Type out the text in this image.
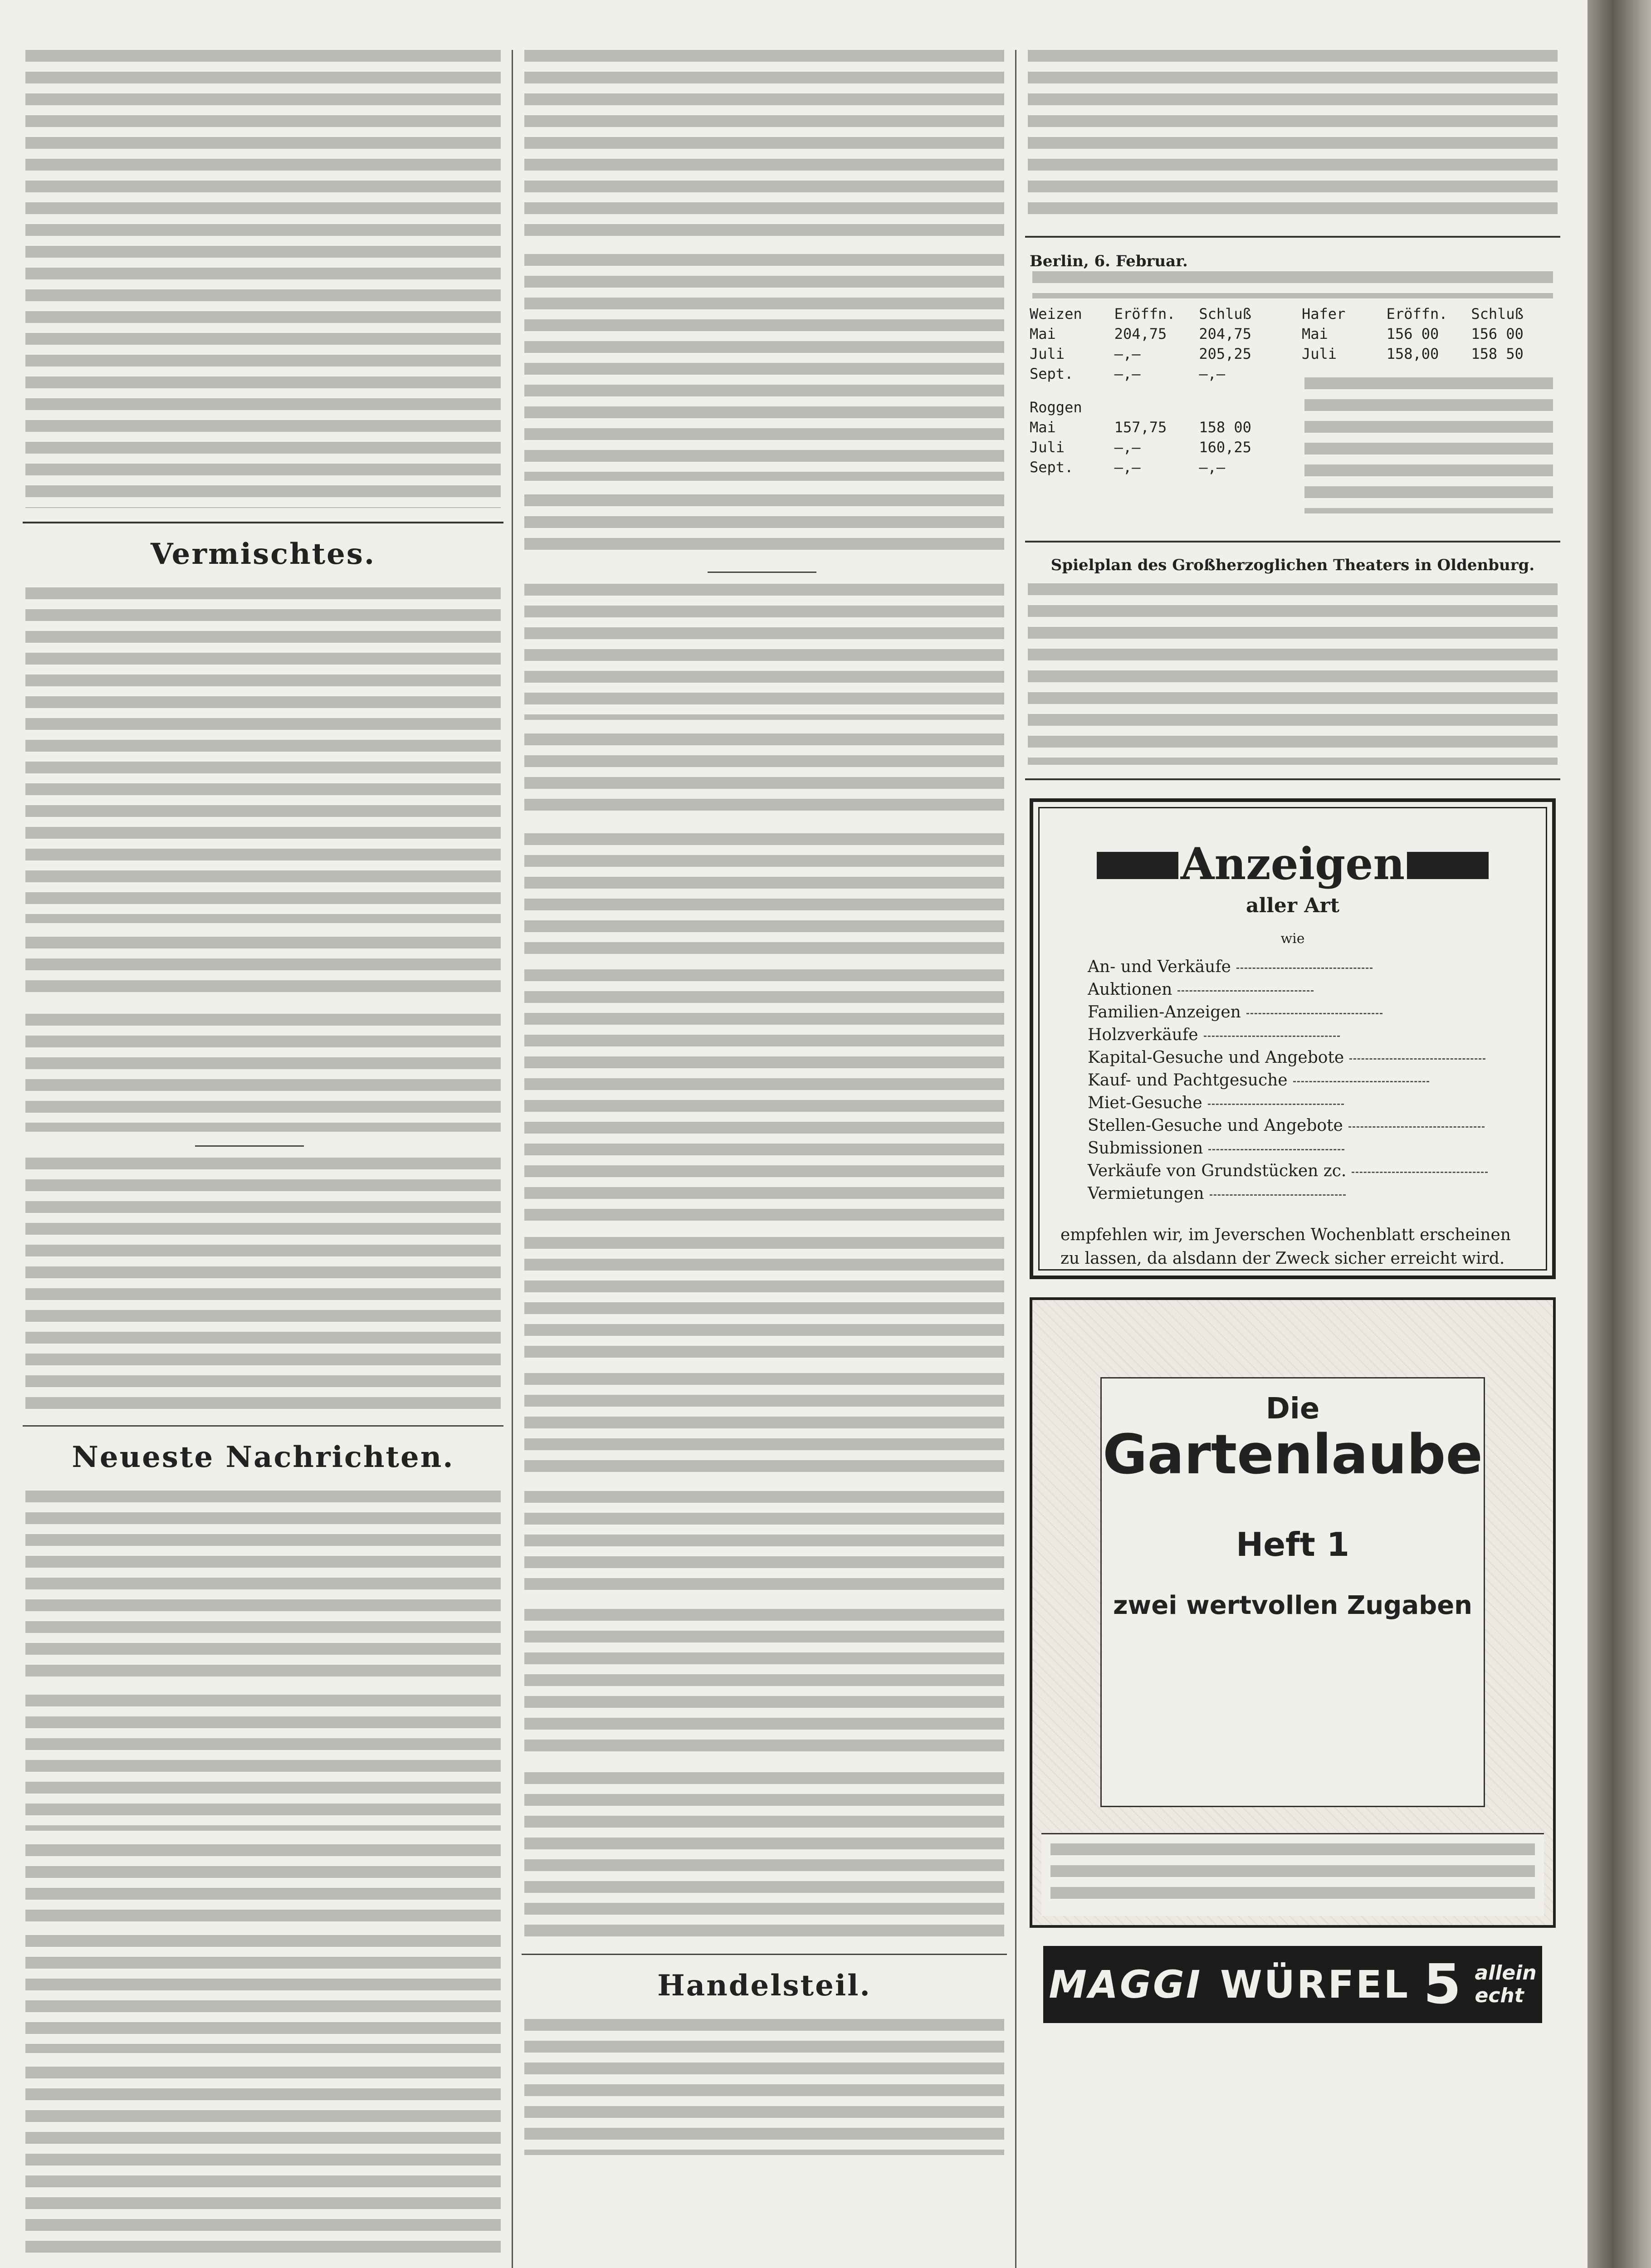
Vermischtes.
Neueste Nachrichten.
Handelsteil.
Berlin, 6. Februar.
Weizen	Eröffn.	Schluß
Mai	204,75	204,75
Juli	—,—	205,25
Sept.	—,—	—,—
Roggen
Mai	157,75	158 00
Juli	—,—	160,25
Sept.	—,—	—,—
Hafer	Eröffn.	Schluß
Mai	156 00	156 00
Juli	158,00	158 50
Spielplan des Großherzoglichen Theaters in Oldenburg.
Anzeigen
aller Art
wie
An- und Verkäufe
Auktionen
Familien-Anzeigen
Holzverkäufe
Kapital-Gesuche und Angebote
Kauf- und Pachtgesuche
Miet-Gesuche
Stellen-Gesuche und Angebote
Submissionen
Verkäufe von Grundstücken zc.
Vermietungen
empfehlen wir, im Jeverschen Wochenblatt erscheinen zu lassen, da alsdann der Zweck sicher erreicht wird.
Die
Gartenlaube
Heft 1
zwei wertvollen Zugaben
MAGGI WÜRFEL 5 allein
echt
